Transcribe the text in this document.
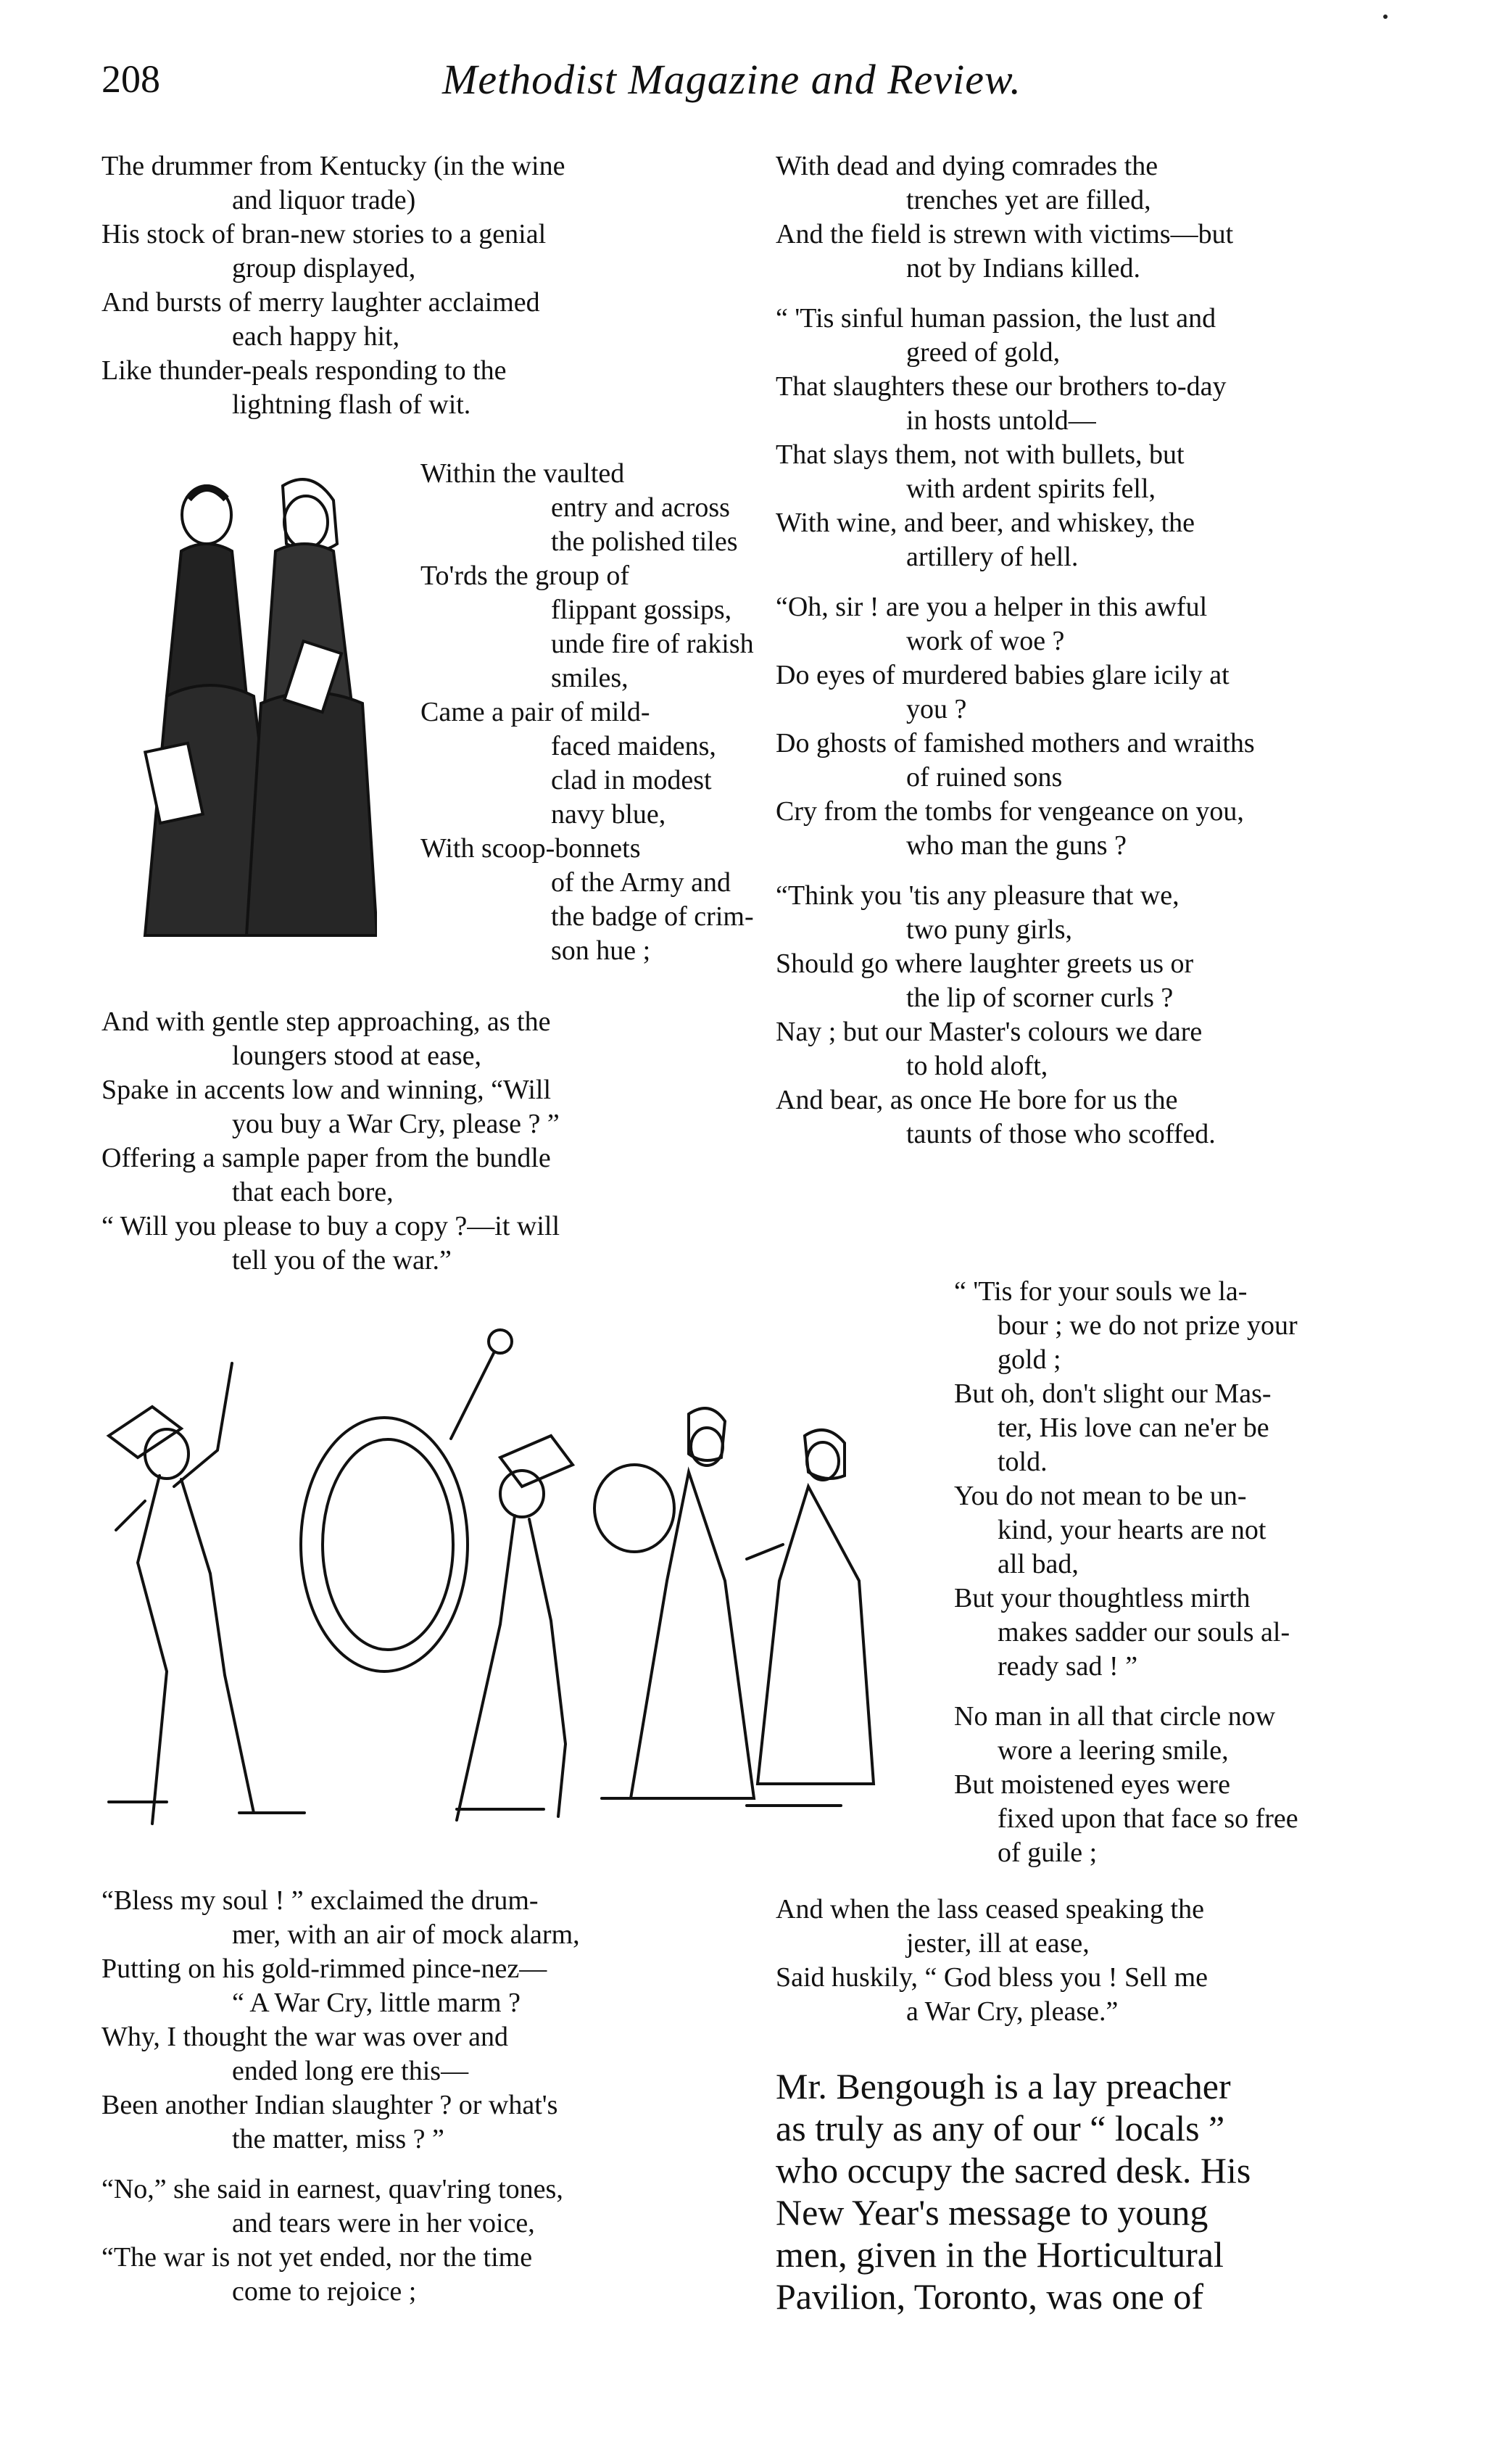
208	Methodist Magazine and Review.
The drummer from Kentucky (in the wine
and liquor trade)
His stock of bran-new stories to a genial
group displayed,
And bursts of merry laughter acclaimed
each happy hit,
Like thunder-peals responding to the
lightning flash of wit.
Within the vaulted
entry and across
the polished tiles
To'rds the group of
flippant gossips,
unde fire of rakish
smiles,
Came a pair of mild-
faced maidens,
clad in modest
navy blue,
With scoop-bonnets
of the Army and
the badge of crim-
son hue ;
And with gentle step approaching, as the
loungers stood at ease,
Spake in accents low and winning, “Will
you buy a War Cry, please ? ”
Offering a sample paper from the bundle
that each bore,
“ Will you please to buy a copy ?—it will
tell you of the war.”
“Bless my soul ! ” exclaimed the drum-
mer, with an air of mock alarm,
Putting on his gold-rimmed pince-nez—
“ A War Cry, little marm ?
Why, I thought the war was over and
ended long ere this—
Been another Indian slaughter ? or what's
the matter, miss ? ”

“No,” she said in earnest, quav'ring tones,
and tears were in her voice,
“The war is not yet ended, nor the time
come to rejoice ;
With dead and dying comrades the
trenches yet are filled,
And the field is strewn with victims—but
not by Indians killed.

“ 'Tis sinful human passion, the lust and
greed of gold,
That slaughters these our brothers to-day
in hosts untold—
That slays them, not with bullets, but
with ardent spirits fell,
With wine, and beer, and whiskey, the
artillery of hell.

“Oh, sir ! are you a helper in this awful
work of woe ?
Do eyes of murdered babies glare icily at
you ?
Do ghosts of famished mothers and wraiths
of ruined sons
Cry from the tombs for vengeance on you,
who man the guns ?

“Think you 'tis any pleasure that we,
two puny girls,
Should go where laughter greets us or
the lip of scorner curls ?
Nay ; but our Master's colours we dare
to hold aloft,
And bear, as once He bore for us the
taunts of those who scoffed.
“ 'Tis for your souls we la-
bour ; we do not prize your
gold ;
But oh, don't slight our Mas-
ter, His love can ne'er be
told.
You do not mean to be un-
kind, your hearts are not
all bad,
But your thoughtless mirth
makes sadder our souls al-
ready sad ! ”

No man in all that circle now
wore a leering smile,
But moistened eyes were
fixed upon that face so free
of guile ;
And when the lass ceased speaking the
jester, ill at ease,
Said huskily, “ God bless you ! Sell me
a War Cry, please.”
Mr. Bengough is a lay preacher
as truly as any of our “ locals ”
who occupy the sacred desk. His
New Year's message to young
men, given in the Horticultural
Pavilion, Toronto, was one of
